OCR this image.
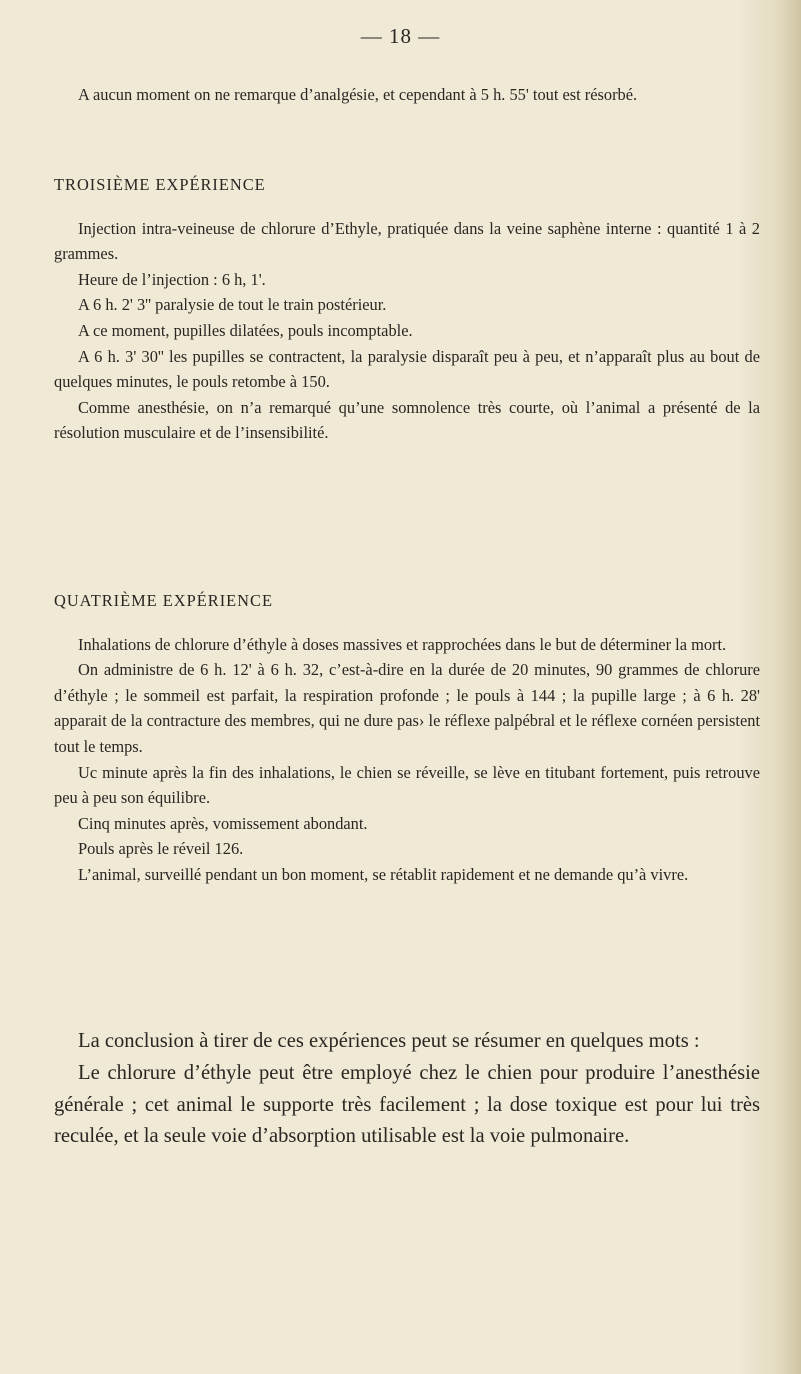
— 18 —

A aucun moment on ne remarque d’analgésie, et cependant à 5 h. 55' tout est résorbé.

TROISIÈME EXPÉRIENCE

Injection intra-veineuse de chlorure d’Ethyle, pratiquée dans la veine saphène interne : quantité 1 à 2 grammes.

Heure de l’injection : 6 h, 1'.

A 6 h. 2' 3'' paralysie de tout le train postérieur.

A ce moment, pupilles dilatées, pouls incomptable.

A 6 h. 3' 30'' les pupilles se contractent, la paralysie disparaît peu à peu, et n’apparaît plus au bout de quelques minutes, le pouls retombe à 150.

Comme anesthésie, on n’a remarqué qu’une somnolence très courte, où l’animal a présenté de la résolution musculaire et de l’insensibilité.

QUATRIÈME EXPÉRIENCE

Inhalations de chlorure d’éthyle à doses massives et rapprochées dans le but de déterminer la mort.

On administre de 6 h. 12' à 6 h. 32, c’est-à-dire en la durée de 20 minutes, 90 grammes de chlorure d’éthyle ; le sommeil est parfait, la respiration profonde ; le pouls à 144 ; la pupille large ; à 6 h. 28' apparait de la contracture des membres, qui ne dure pas› le réflexe palpébral et le réflexe cornéen persistent tout le temps.

Uc minute après la fin des inhalations, le chien se réveille, se lève en titubant fortement, puis retrouve peu à peu son équilibre.

Cinq minutes après, vomissement abondant.

Pouls après le réveil 126.

L’animal, surveillé pendant un bon moment, se rétablit rapidement et ne demande qu’à vivre.

La conclusion à tirer de ces expériences peut se résumer en quelques mots :

Le chlorure d’éthyle peut être employé chez le chien pour produire l’anesthésie générale ; cet animal le supporte très facilement ; la dose toxique est pour lui très reculée, et la seule voie d’absorption utilisable est la voie pulmonaire.
